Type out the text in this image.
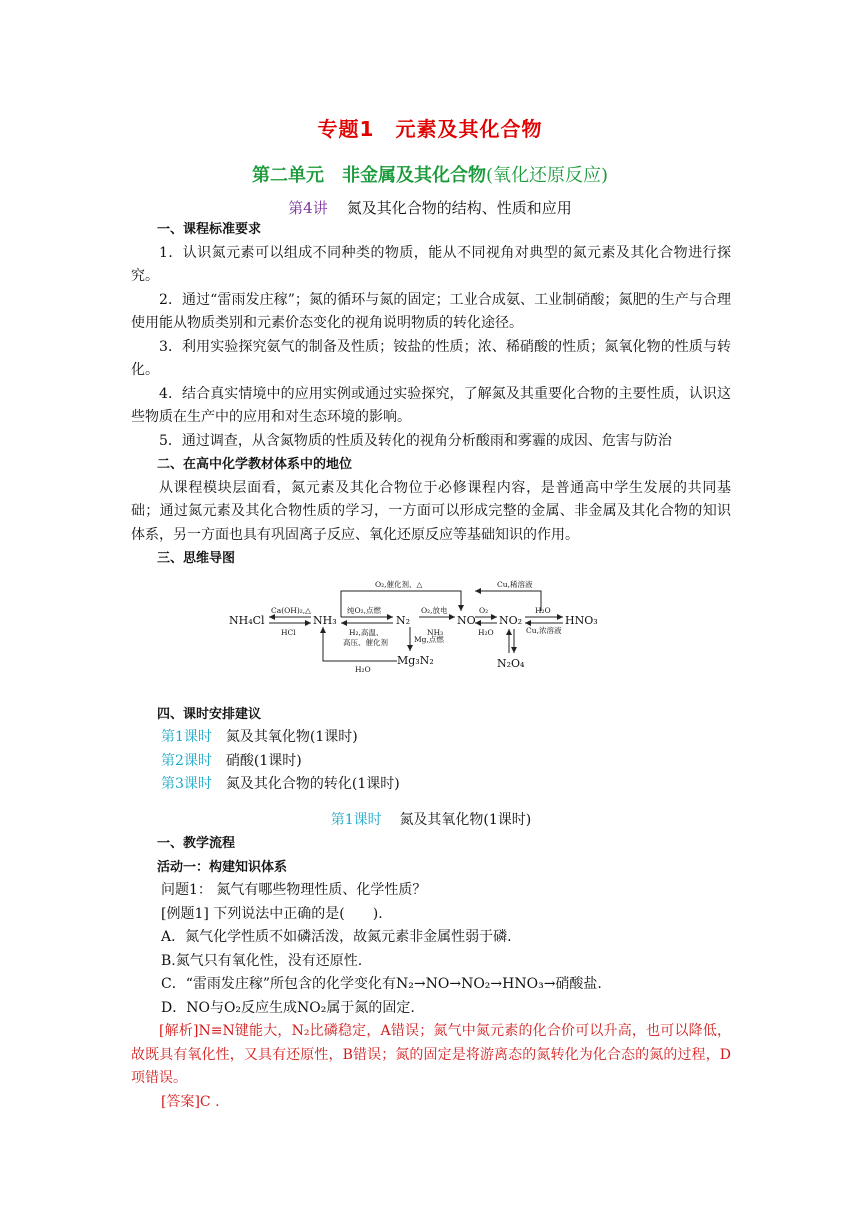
专题1　元素及其化合物
第二单元　非金属及其化合物(氧化还原反应)
第4讲 氮及其化合物的结构、性质和应用
一、课程标准要求
1．认识氮元素可以组成不同种类的物质，能从不同视角对典型的氮元素及其化合物进行探究。
2．通过“雷雨发庄稼”；氮的循环与氮的固定；工业合成氨、工业制硝酸；氮肥的生产与合理使用能从物质类别和元素价态变化的视角说明物质的转化途径。
3．利用实验探究氨气的制备及性质；铵盐的性质；浓、稀硝酸的性质；氮氧化物的性质与转化。
4．结合真实情境中的应用实例或通过实验探究，了解氮及其重要化合物的主要性质，认识这些物质在生产中的应用和对生态环境的影响。
5．通过调查，从含氮物质的性质及转化的视角分析酸雨和雾霾的成因、危害与防治
二、在高中化学教材体系中的地位
从课程模块层面看，氮元素及其化合物位于必修课程内容，是普通高中学生发展的共同基础；通过氮元素及其化合物性质的学习，一方面可以形成完整的金属、非金属及其化合物的知识体系，另一方面也具有巩固离子反应、氧化还原反应等基础知识的作用。
三、思维导图
NH₄Cl	NH₃	N₂	NO NO₂	HNO₃
Mg₃N₂	N₂O₄
Ca(OH)₂,△
HCl
O₂,催化剂、△	Cu,稀溶液
纯O₂,点燃
H₂,高温、
高压、催化剂
O₂,放电
NH₃
O₂
H₂O
H₂O
Cu,浓溶液
Mg,点燃
H₂O
四、课时安排建议
第1课时 氮及其氧化物(1课时)
第2课时 硝酸(1课时)
第3课时 氮及其化合物的转化(1课时)
第1课时 氮及其氧化物(1课时)
一、教学流程
活动一：构建知识体系
问题1： 氮气有哪些物理性质、化学性质？
[例题1] 下列说法中正确的是(　　).
A．氮气化学性质不如磷活泼，故氮元素非金属性弱于磷.
B.氮气只有氧化性，没有还原性.
C．“雷雨发庄稼”所包含的化学变化有N₂→NO→NO₂→HNO₃→硝酸盐.
D．NO与O₂反应生成NO₂属于氮的固定.
[解析]N≡N键能大，N₂比磷稳定，A错误；氮气中氮元素的化合价可以升高，也可以降低，故既具有氧化性，又具有还原性，B错误；氮的固定是将游离态的氮转化为化合态的氮的过程，D项错误。
[答案]C .
